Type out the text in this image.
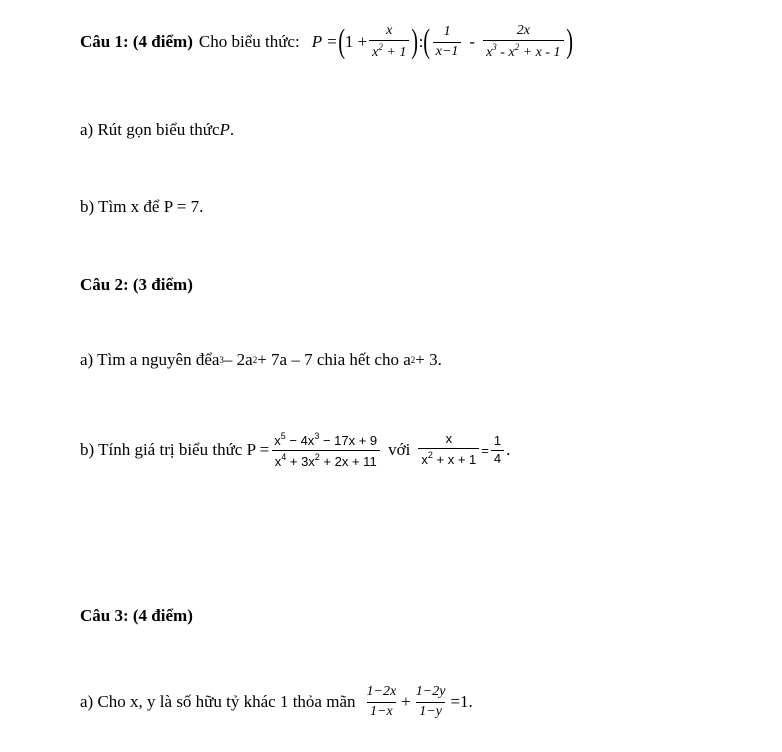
Câu 1: (4 điểm) Cho biểu thức: P = ( $1 + \frac{x}{x^2 + 1}$ ) : ( $\frac{1}{x-1} - \frac{2x}{x^3 - x^2 + x - 1}$ )
a) Rút gọn biểu thức P .
b) Tìm x để P = 7.
Câu 2: (3 điểm)
a) Tìm a nguyên để a 3 – 2a 2 + 7a – 7 chia hết cho a 2 + 3.
b) Tính giá trị biểu thức $P = \frac{x^5 - 4x^3 - 17x + 9}{x^4 + 3x^2 + 2x + 11}$ với $\frac{x}{x^2 + x + 1} = \frac{1}{4}$ .
Câu 3: (4 điểm)
a) Cho x, y là số hữu tỷ khác 1 thỏa mãn $\frac{1-2x}{1-x} + \frac{1-2y}{1-y} =1$.
